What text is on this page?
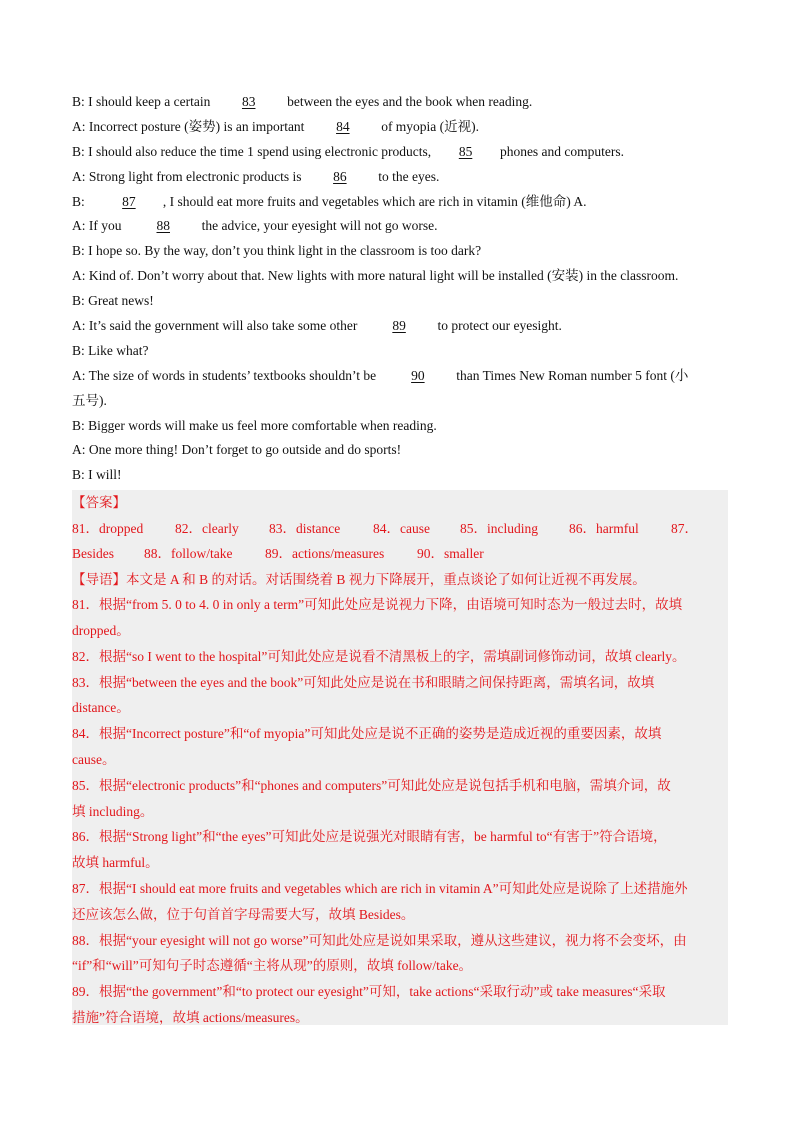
B: I should keep a certain 83 between the eyes and the book when reading.
A: Incorrect posture (姿势) is an important 84 of myopia (近视).
B: I should also reduce the time 1 spend using electronic products, 85 phones and computers.
A: Strong light from electronic products is 86 to the eyes.
B:	87 , I should eat more fruits and vegetables which are rich in vitamin (维他命) A.
A: If you	88 the advice, your eyesight will not go worse.
B: I hope so. By the way, don’t you think light in the classroom is too dark?
A: Kind of. Don’t worry about that. New lights with more natural light will be installed (安装) in the classroom.
B: Great news!
A: It’s said the government will also take some other	89 to protect our eyesight.
B: Like what?
A: The size of words in students’ textbooks shouldn’t be	90 than Times New Roman number 5 font (小
五号).
B: Bigger words will make us feel more comfortable when reading.
A: One more thing! Don’t forget to go outside and do sports!
B: I will!
【答案】
81．dropped 82．clearly 83．distance 84．cause 85．including 86．harmful 87．
Besides 88．follow/take 89．actions/measures 90．smaller
【导语】本文是 A 和 B 的对话。对话围绕着 B 视力下降展开，重点谈论了如何让近视不再发展。
81．根据“from 5. 0 to 4. 0 in only a term”可知此处应是说视力下降，由语境可知时态为一般过去时，故填
dropped。
82．根据“so I went to the hospital”可知此处应是说看不清黑板上的字，需填副词修饰动词，故填 clearly。
83．根据“between the eyes and the book”可知此处应是说在书和眼睛之间保持距离，需填名词，故填
distance。
84．根据“Incorrect posture”和“of myopia”可知此处应是说不正确的姿势是造成近视的重要因素，故填
cause。
85．根据“electronic products”和“phones and computers”可知此处应是说包括手机和电脑，需填介词，故
填 including。
86．根据“Strong light”和“the eyes”可知此处应是说强光对眼睛有害，be harmful to“有害于”符合语境，
故填 harmful。
87．根据“I should eat more fruits and vegetables which are rich in vitamin A”可知此处应是说除了上述措施外
还应该怎么做，位于句首首字母需要大写，故填 Besides。
88．根据“your eyesight will not go worse”可知此处应是说如果采取，遵从这些建议，视力将不会变坏，由
“if”和“will”可知句子时态遵循“主将从现”的原则，故填 follow/take。
89．根据“the government”和“to protect our eyesight”可知，take actions“采取行动”或 take measures“采取
措施”符合语境，故填 actions/measures。
